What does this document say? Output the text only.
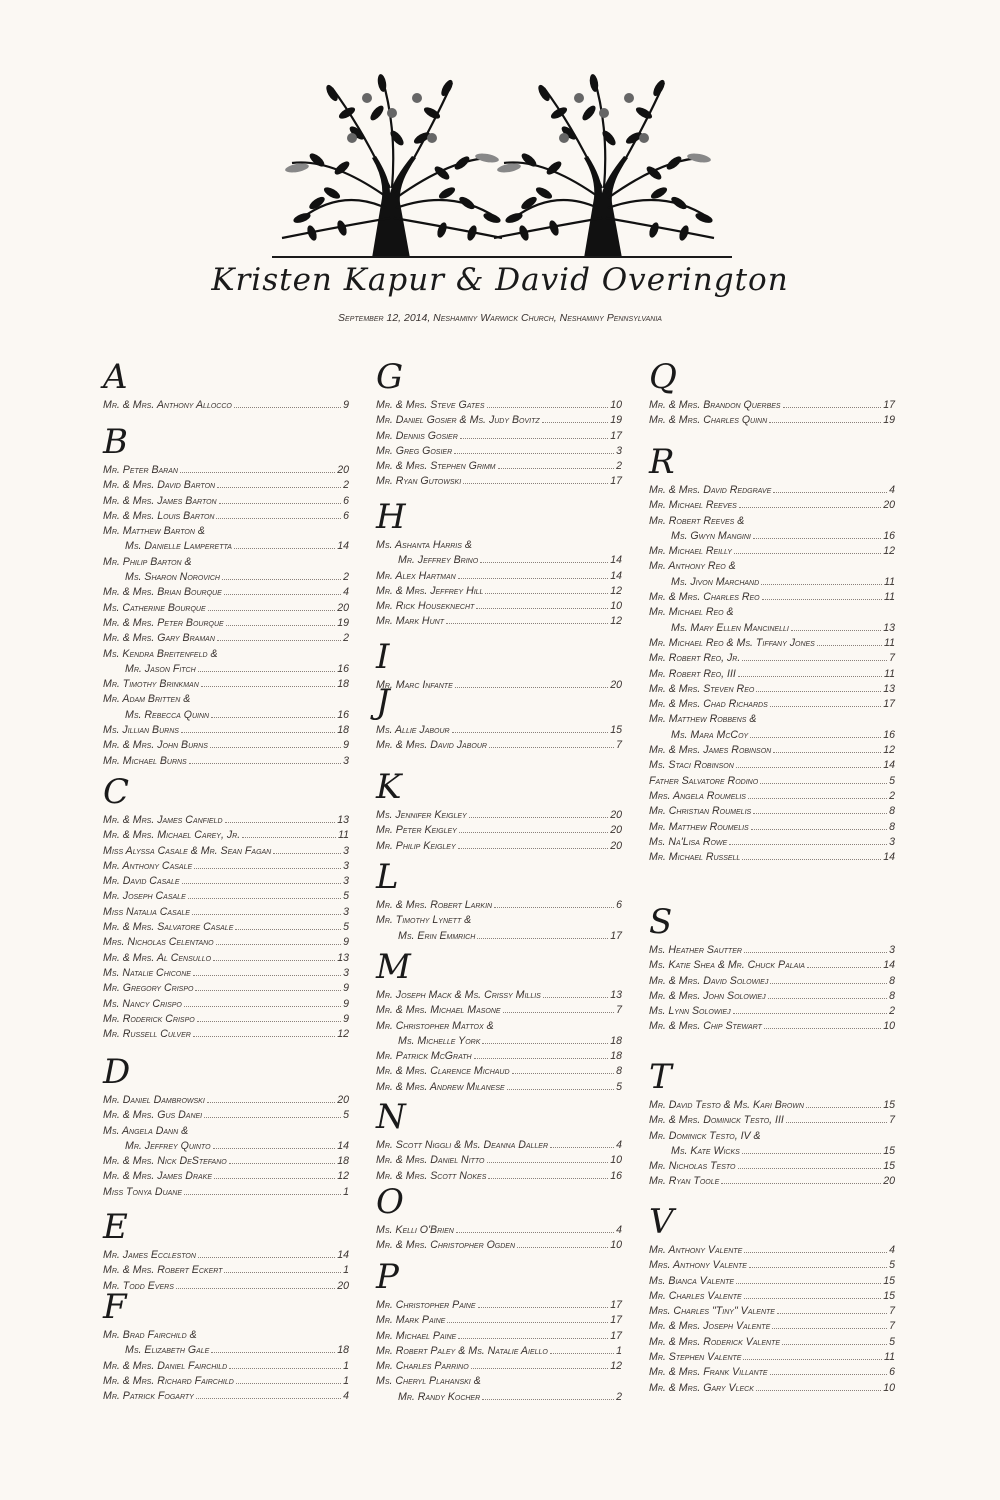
Kristen Kapur & David Overington
September 12, 2014, Neshaminy Warwick Church, Neshaminy Pennsylvania
A
Mr. & Mrs. Anthony Allocco	9
B
Mr. Peter Baran	20
Mr. & Mrs. David Barton	2
Mr. & Mrs. James Barton	6
Mr. & Mrs. Louis Barton	6
Mr. Matthew Barton &
Ms. Danielle Lamperetta	14
Mr. Philip Barton &
Ms. Sharon Norovich	2
Mr. & Mrs. Brian Bourque	4
Ms. Catherine Bourque	20
Mr. & Mrs. Peter Bourque	19
Mr. & Mrs. Gary Braman	2
Ms. Kendra Breitenfeld &
Mr. Jason Fitch	16
Mr. Timothy Brinkman	18
Mr. Adam Britten &
Ms. Rebecca Quinn	16
Ms. Jillian Burns	18
Mr. & Mrs. John Burns	9
Mr. Michael Burns	3
C
Mr. & Mrs. James Canfield	13
Mr. & Mrs. Michael Carey, Jr.	11
Miss Alyssa Casale & Mr. Sean Fagan	3
Mr. Anthony Casale	3
Mr. David Casale	3
Mr. Joseph Casale	5
Miss Natalia Casale	3
Mr. & Mrs. Salvatore Casale	5
Mrs. Nicholas Celentano	9
Mr. & Mrs. Al Censullo	13
Ms. Natalie Chicone	3
Mr. Gregory Crispo	9
Ms. Nancy Crispo	9
Mr. Roderick Crispo	9
Mr. Russell Culver	12
D
Mr. Daniel Dambrowski	20
Mr. & Mrs. Gus Danei	5
Ms. Angela Dann &
Mr. Jeffrey Quinto	14
Mr. & Mrs. Nick DeStefano	18
Mr. & Mrs. James Drake	12
Miss Tonya Duane	1
E
Mr. James Eccleston	14
Mr. & Mrs. Robert Eckert	1
Mr. Todd Evers	20
F
Mr. Brad Fairchild &
Ms. Elizabeth Gale	18
Mr. & Mrs. Daniel Fairchild	1
Mr. & Mrs. Richard Fairchild	1
Mr. Patrick Fogarty	4
G
Mr. & Mrs. Steve Gates	10
Mr. Daniel Gosier & Ms. Judy Bovitz	19
Mr. Dennis Gosier	17
Mr. Greg Gosier	3
Mr. & Mrs. Stephen Grimm	2
Mr. Ryan Gutowski	17
H
Ms. Ashanta Harris &
Mr. Jeffrey Brino	14
Mr. Alex Hartman	14
Mr. & Mrs. Jeffrey Hill	12
Mr. Rick Houseknecht	10
Mr. Mark Hunt	12
I
Mr. Marc Infante	20
J
Ms. Allie Jabour	15
Mr. & Mrs. David Jabour	7
K
Ms. Jennifer Keigley	20
Mr. Peter Keigley	20
Mr. Philip Keigley	20
L
Mr. & Mrs. Robert Larkin	6
Mr. Timothy Lynett &
Ms. Erin Emmrich	17
M
Mr. Joseph Mack & Ms. Crissy Millis	13
Mr. & Mrs. Michael Masone	7
Mr. Christopher Mattox &
Ms. Michelle York	18
Mr. Patrick McGrath	18
Mr. & Mrs. Clarence Michaud	8
Mr. & Mrs. Andrew Milanese	5
N
Mr. Scott Niggli & Ms. Deanna Daller	4
Mr. & Mrs. Daniel Nitto	10
Mr. & Mrs. Scott Nokes	16
O
Ms. Kelli O'Brien	4
Mr. & Mrs. Christopher Ogden	10
P
Mr. Christopher Paine	17
Mr. Mark Paine	17
Mr. Michael Paine	17
Mr. Robert Paley & Ms. Natalie Aiello	1
Mr. Charles Parrino	12
Ms. Cheryl Plahanski &
Mr. Randy Kocher	2
Q
Mr. & Mrs. Brandon Querbes	17
Mr. & Mrs. Charles Quinn	19
R
Mr. & Mrs. David Redgrave	4
Mr. Michael Reeves	20
Mr. Robert Reeves &
Ms. Gwyn Mangini	16
Mr. Michael Reilly	12
Mr. Anthony Reo &
Ms. Jivon Marchand	11
Mr. & Mrs. Charles Reo	11
Mr. Michael Reo &
Ms. Mary Ellen Mancinelli	13
Mr. Michael Reo & Ms. Tiffany Jones	11
Mr. Robert Reo, Jr.	7
Mr. Robert Reo, III	11
Mr. & Mrs. Steven Reo	13
Mr. & Mrs. Chad Richards	17
Mr. Matthew Robbens &
Ms. Mara McCoy	16
Mr. & Mrs. James Robinson	12
Ms. Staci Robinson	14
Father Salvatore Rodino	5
Mrs. Angela Roumelis	2
Mr. Christian Roumelis	8
Mr. Matthew Roumelis	8
Ms. Na'Lisa Rowe	3
Mr. Michael Russell	14
S
Ms. Heather Sautter	3
Ms. Katie Shea & Mr. Chuck Palaia	14
Mr. & Mrs. David Solowiej	8
Mr. & Mrs. John Solowiej	8
Ms. Lynn Solowiej	2
Mr. & Mrs. Chip Stewart	10
T
Mr. David Testo & Ms. Kari Brown	15
Mr. & Mrs. Dominick Testo, III	7
Mr. Dominick Testo, IV &
Ms. Kate Wicks	15
Mr. Nicholas Testo	15
Mr. Ryan Toole	20
V
Mr. Anthony Valente	4
Mrs. Anthony Valente	5
Ms. Bianca Valente	15
Mr. Charles Valente	15
Mrs. Charles "Tiny" Valente	7
Mr. & Mrs. Joseph Valente	7
Mr. & Mrs. Roderick Valente	5
Mr. Stephen Valente	11
Mr. & Mrs. Frank Villante	6
Mr. & Mrs. Gary Vleck	10
